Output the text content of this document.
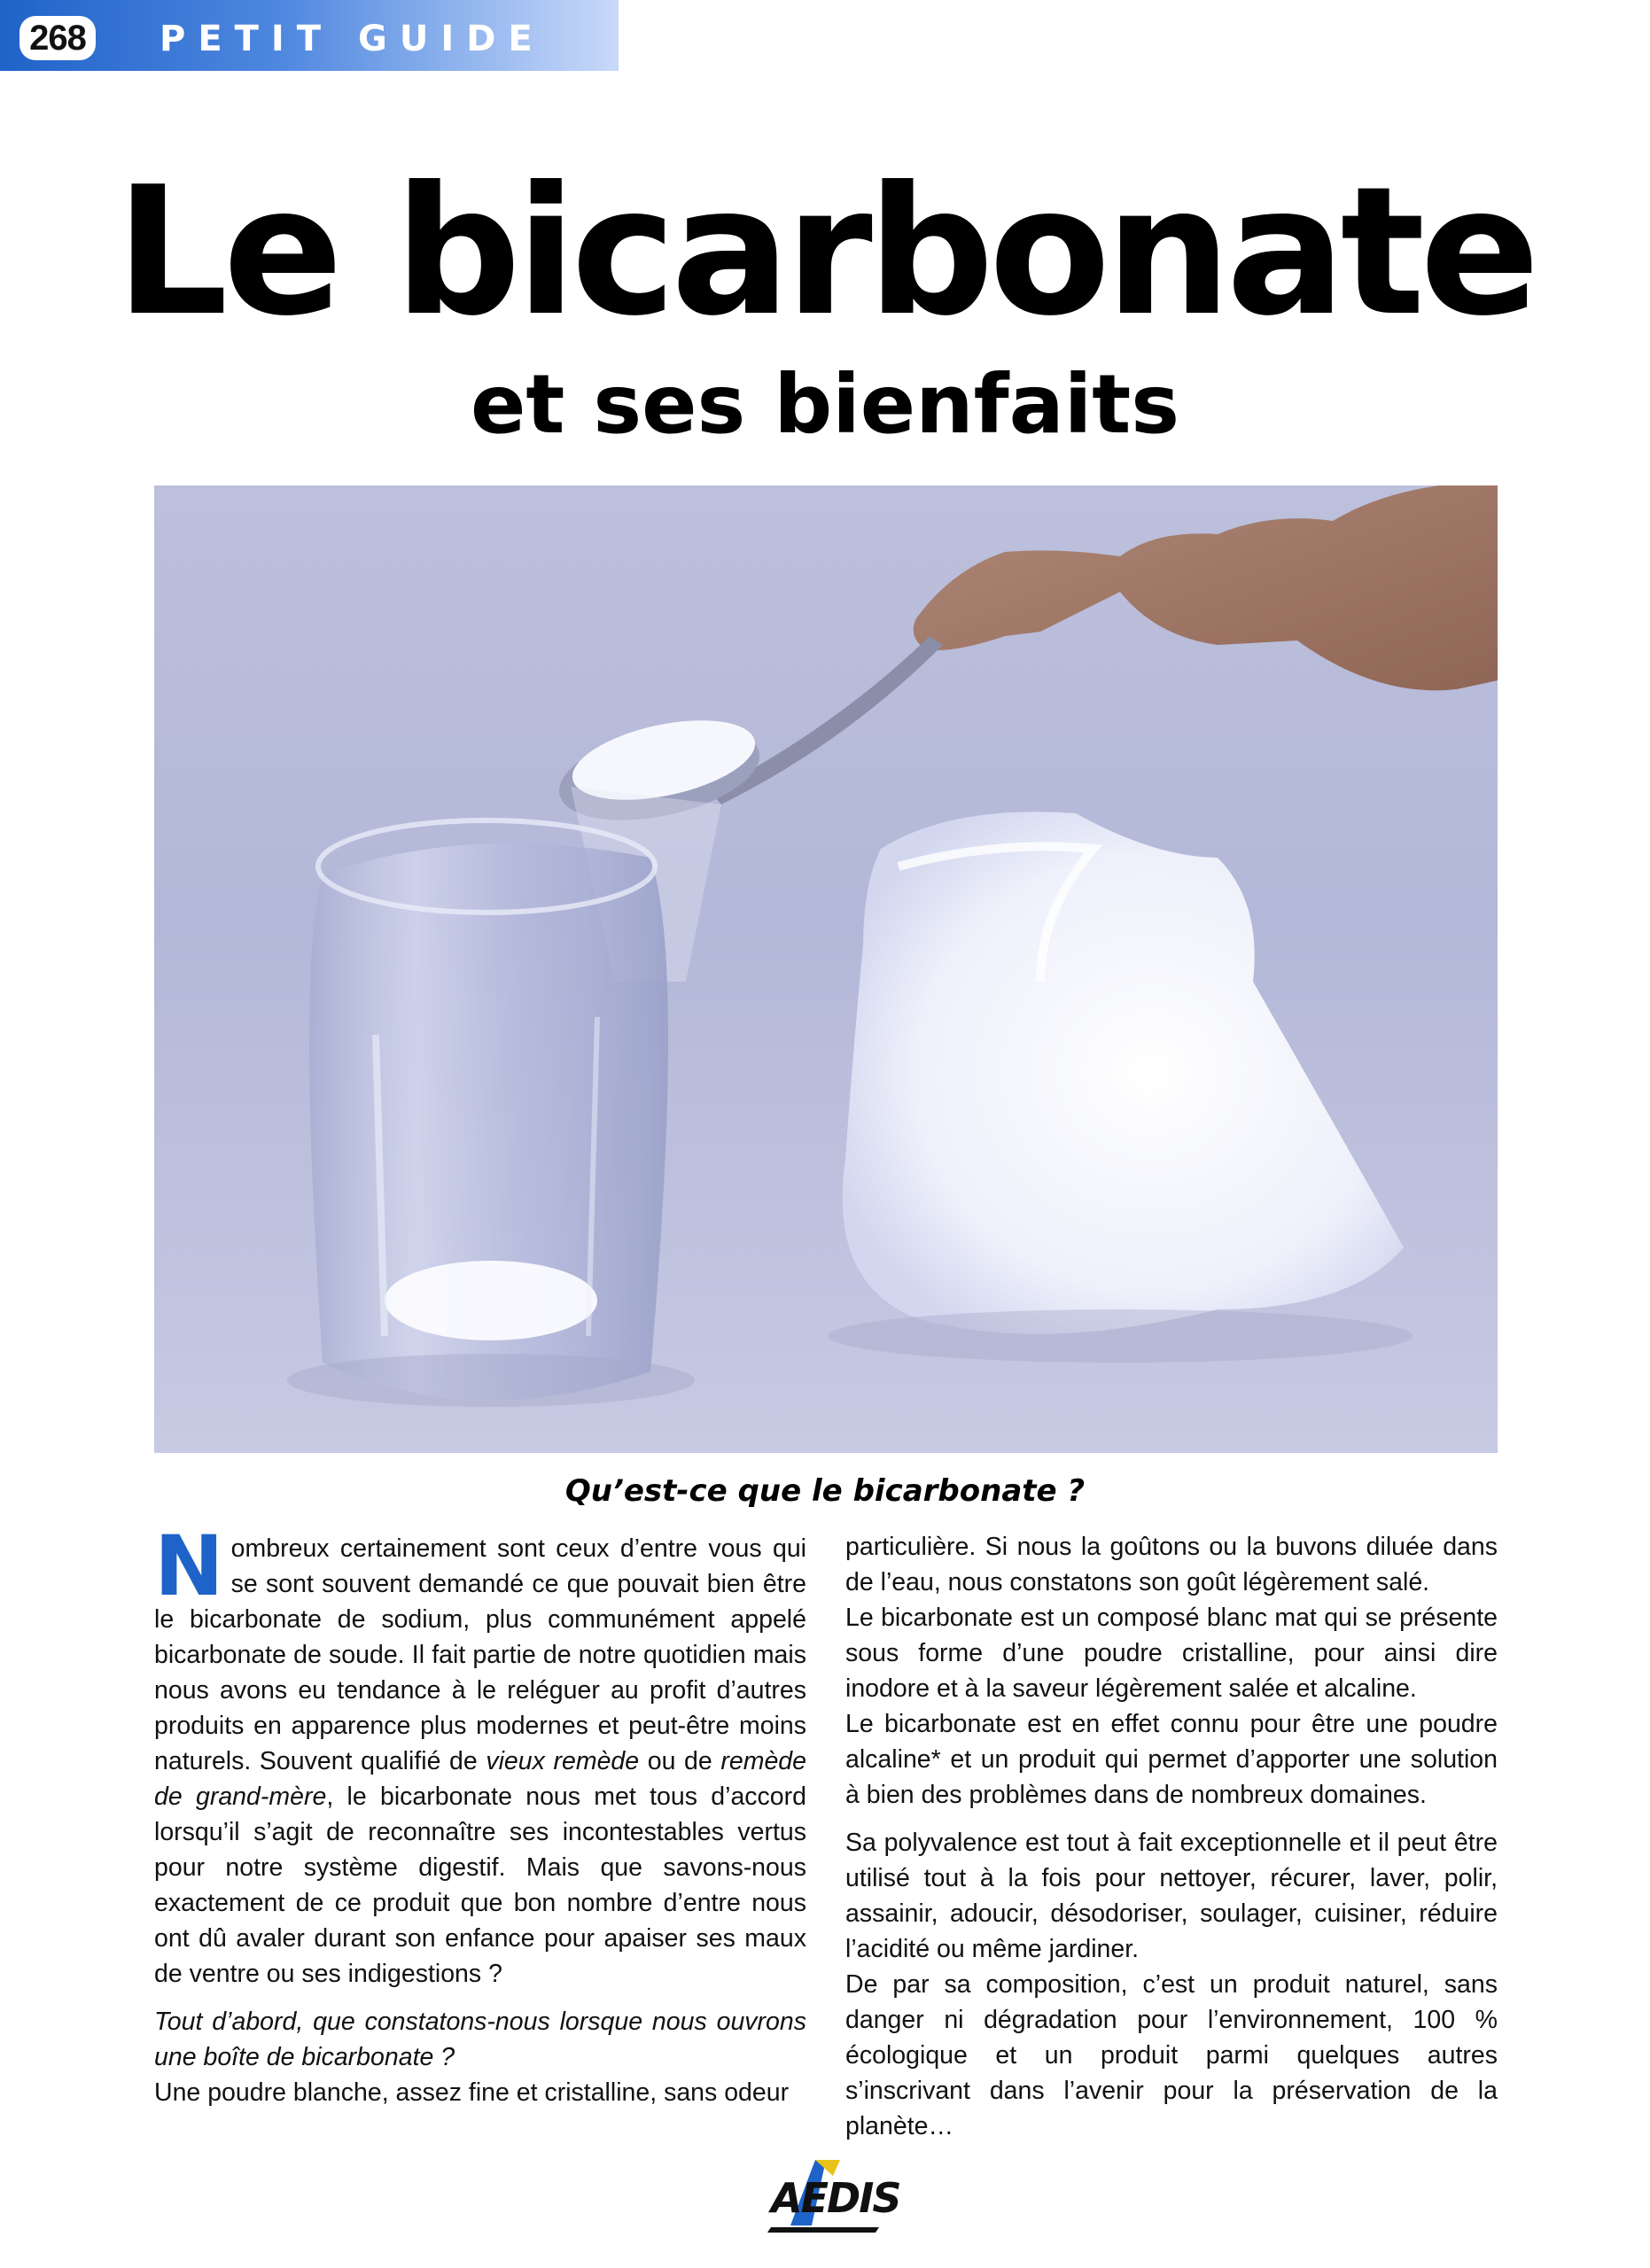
268 PETIT GUIDE
Le bicarbonate
et ses bienfaits
Qu’est-ce que le bicarbonate ?

Nombreux certainement sont ceux d’entre vous qui se sont souvent demandé ce que pouvait bien être le bicarbonate de sodium, plus communément appelé bicarbonate de soude. Il fait partie de notre quotidien mais nous avons eu tendance à le reléguer au profit d’autres produits en apparence plus modernes et peut-être moins naturels. Souvent qualifié de vieux remède ou de remède de grand-mère, le bicarbonate nous met tous d’accord lorsqu’il s’agit de reconnaître ses incontestables vertus pour notre système digestif. Mais que savons-nous exactement de ce produit que bon nombre d’entre nous ont dû avaler durant son enfance pour apaiser ses maux de ventre ou ses indigestions ?

Tout d’abord, que constatons-nous lorsque nous ouvrons une boîte de bicarbonate ?

Une poudre blanche, assez fine et cristalline, sans odeur

particulière. Si nous la goûtons ou la buvons diluée dans de l’eau, nous constatons son goût légèrement salé.

Le bicarbonate est un composé blanc mat qui se présente sous forme d’une poudre cristalline, pour ainsi dire inodore et à la saveur légèrement salée et alcaline.

Le bicarbonate est en effet connu pour être une poudre alcaline* et un produit qui permet d’apporter une solution à bien des problèmes dans de nombreux domaines.

Sa polyvalence est tout à fait exceptionnelle et il peut être utilisé tout à la fois pour nettoyer, récurer, laver, polir, assainir, adoucir, désodoriser, soulager, cuisiner, réduire l’acidité ou même jardiner.

De par sa composition, c’est un produit naturel, sans danger ni dégradation pour l’environnement, 100 % écologique et un produit parmi quelques autres s’inscrivant dans l’avenir pour la préservation de la planète…

AEDIS
